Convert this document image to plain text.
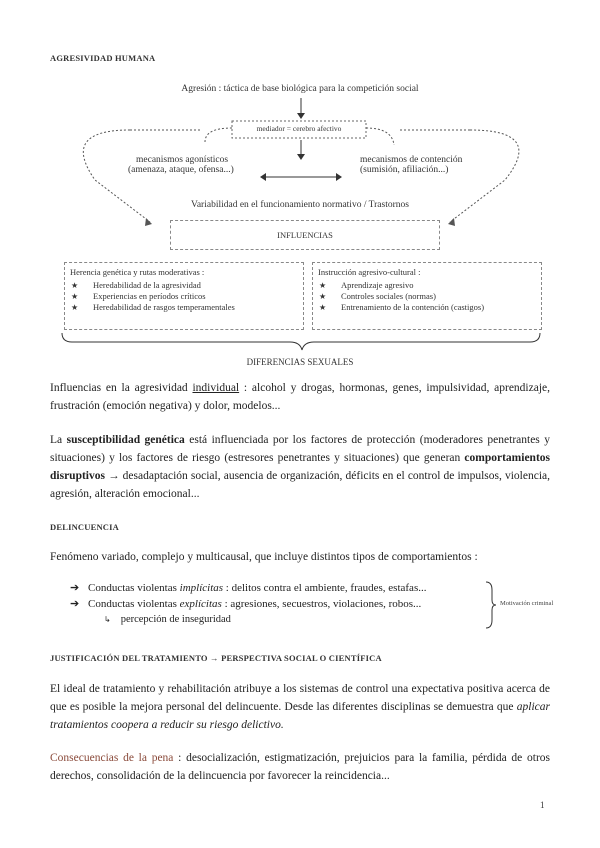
AGRESIVIDAD HUMANA
Agresión : táctica de base biológica para la competición social
mediador = cerebro afectivo
mecanismos agonísticos
(amenaza, ataque, ofensa...)
mecanismos de contención
(sumisión, afiliación...)
Variabilidad en el funcionamiento normativo / Trastornos
INFLUENCIAS
Herencia genética y rutas moderativas :
★ Heredabilidad de la agresividad
★ Experiencias en períodos críticos
★ Heredabilidad de rasgos temperamentales
Instrucción agresivo-cultural :
★ Aprendizaje agresivo
★ Controles sociales (normas)
★ Entrenamiento de la contención (castigos)
DIFERENCIAS SEXUALES
Influencias en la agresividad individual : alcohol y drogas, hormonas, genes, impulsividad, aprendizaje, frustración (emoción negativa) y dolor, modelos...
La susceptibilidad genética está influenciada por los factores de protección (moderadores penetrantes y situaciones) y los factores de riesgo (estresores penetrantes y situaciones) que generan comportamientos disruptivos → desadaptación social, ausencia de organización, déficits en el control de impulsos, violencia, agresión, alteración emocional...
DELINCUENCIA
Fenómeno variado, complejo y multicausal, que incluye distintos tipos de comportamientos :
➔ Conductas violentas implícitas : delitos contra el ambiente, fraudes, estafas...
➔ Conductas violentas explícitas : agresiones, secuestros, violaciones, robos...
↳ percepción de inseguridad
Motivación criminal
JUSTIFICACIÓN DEL TRATAMIENTO → PERSPECTIVA SOCIAL O CIENTÍFICA
El ideal de tratamiento y rehabilitación atribuye a los sistemas de control una expectativa positiva acerca de que es posible la mejora personal del delincuente. Desde las diferentes disciplinas se demuestra que aplicar tratamientos coopera a reducir su riesgo delictivo.
Consecuencias de la pena : desocialización, estigmatización, prejuicios para la familia, pérdida de otros derechos, consolidación de la delincuencia por favorecer la reincidencia...
1
